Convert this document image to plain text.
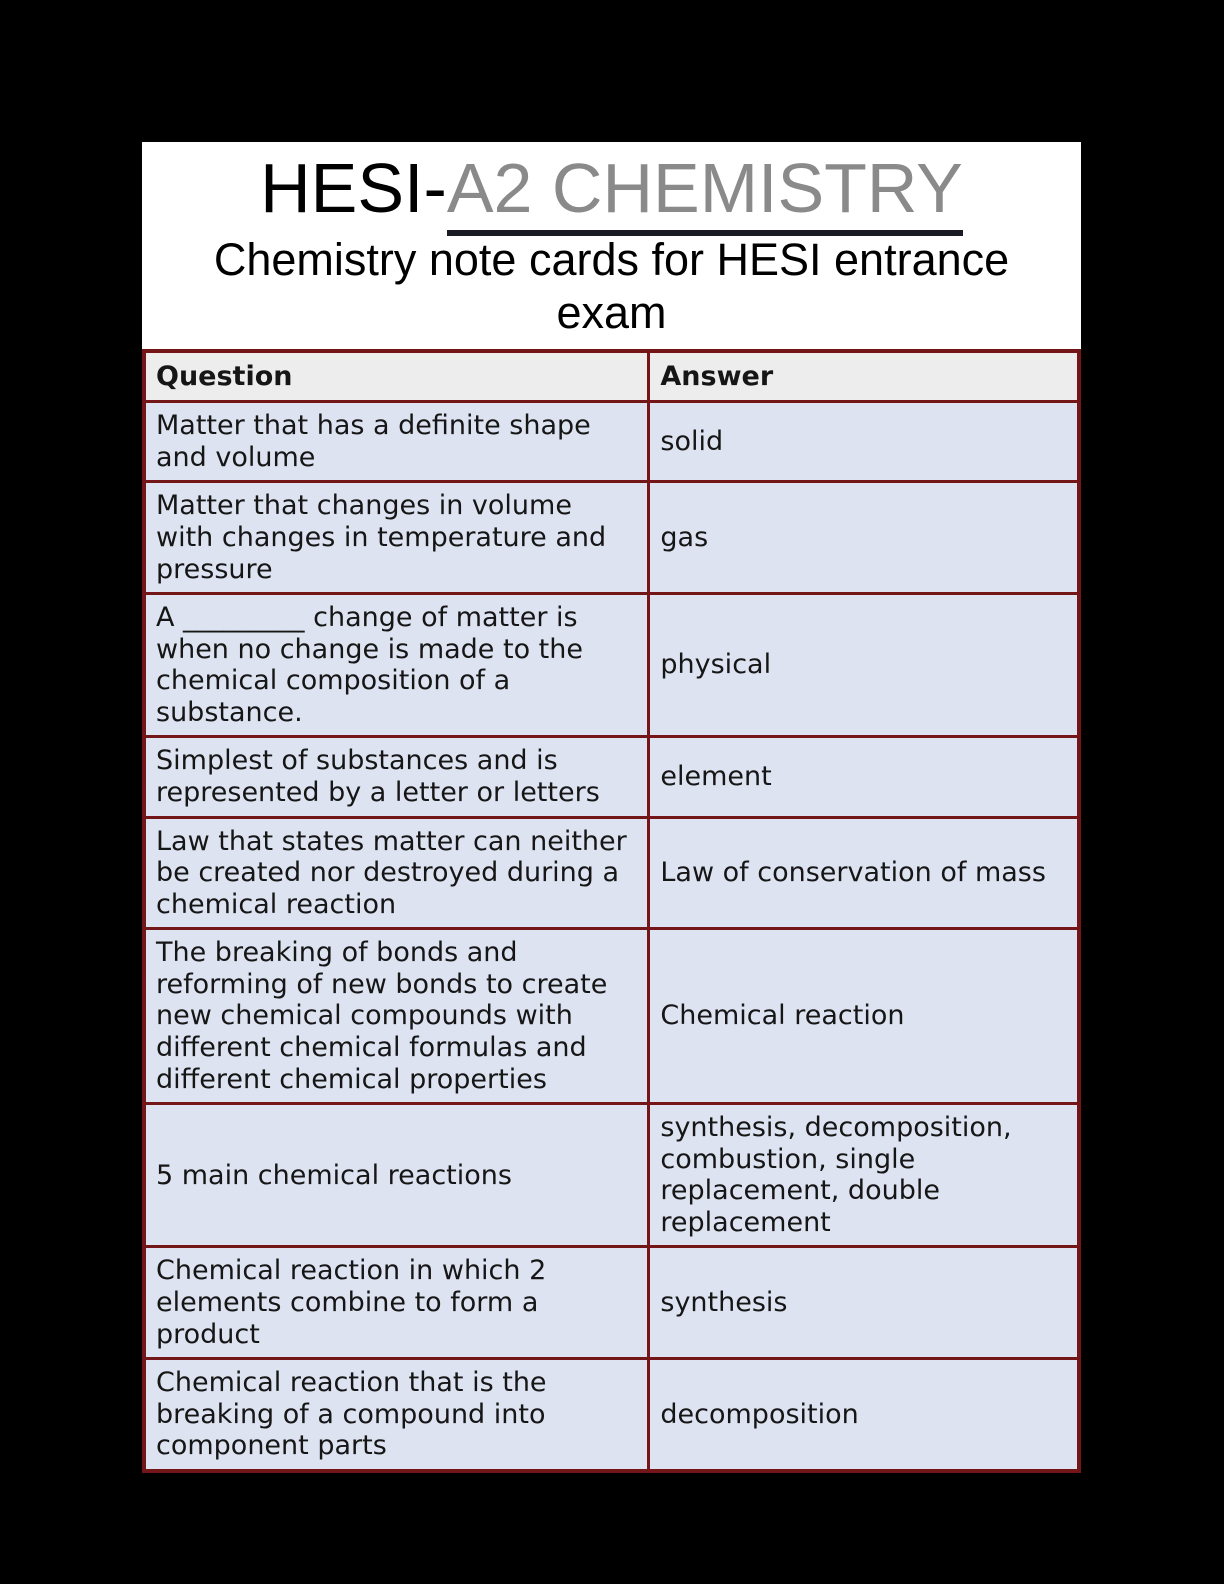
HESI-A2 CHEMISTRY
Chemistry note cards for HESI entrance exam
Question	Answer
Matter that has a definite shape and volume	solid
Matter that changes in volume with changes in temperature and pressure	gas
A _________ change of matter is when no change is made to the chemical composition of a substance.	physical
Simplest of substances and is represented by a letter or letters	element
Law that states matter can neither be created nor destroyed during a chemical reaction	Law of conservation of mass
The breaking of bonds and reforming of new bonds to create new chemical compounds with different chemical formulas and different chemical properties	Chemical reaction
5 main chemical reactions	synthesis, decomposition, combustion, single replacement, double replacement
Chemical reaction in which 2 elements combine to form a product	synthesis
Chemical reaction that is the breaking of a compound into component parts	decomposition
